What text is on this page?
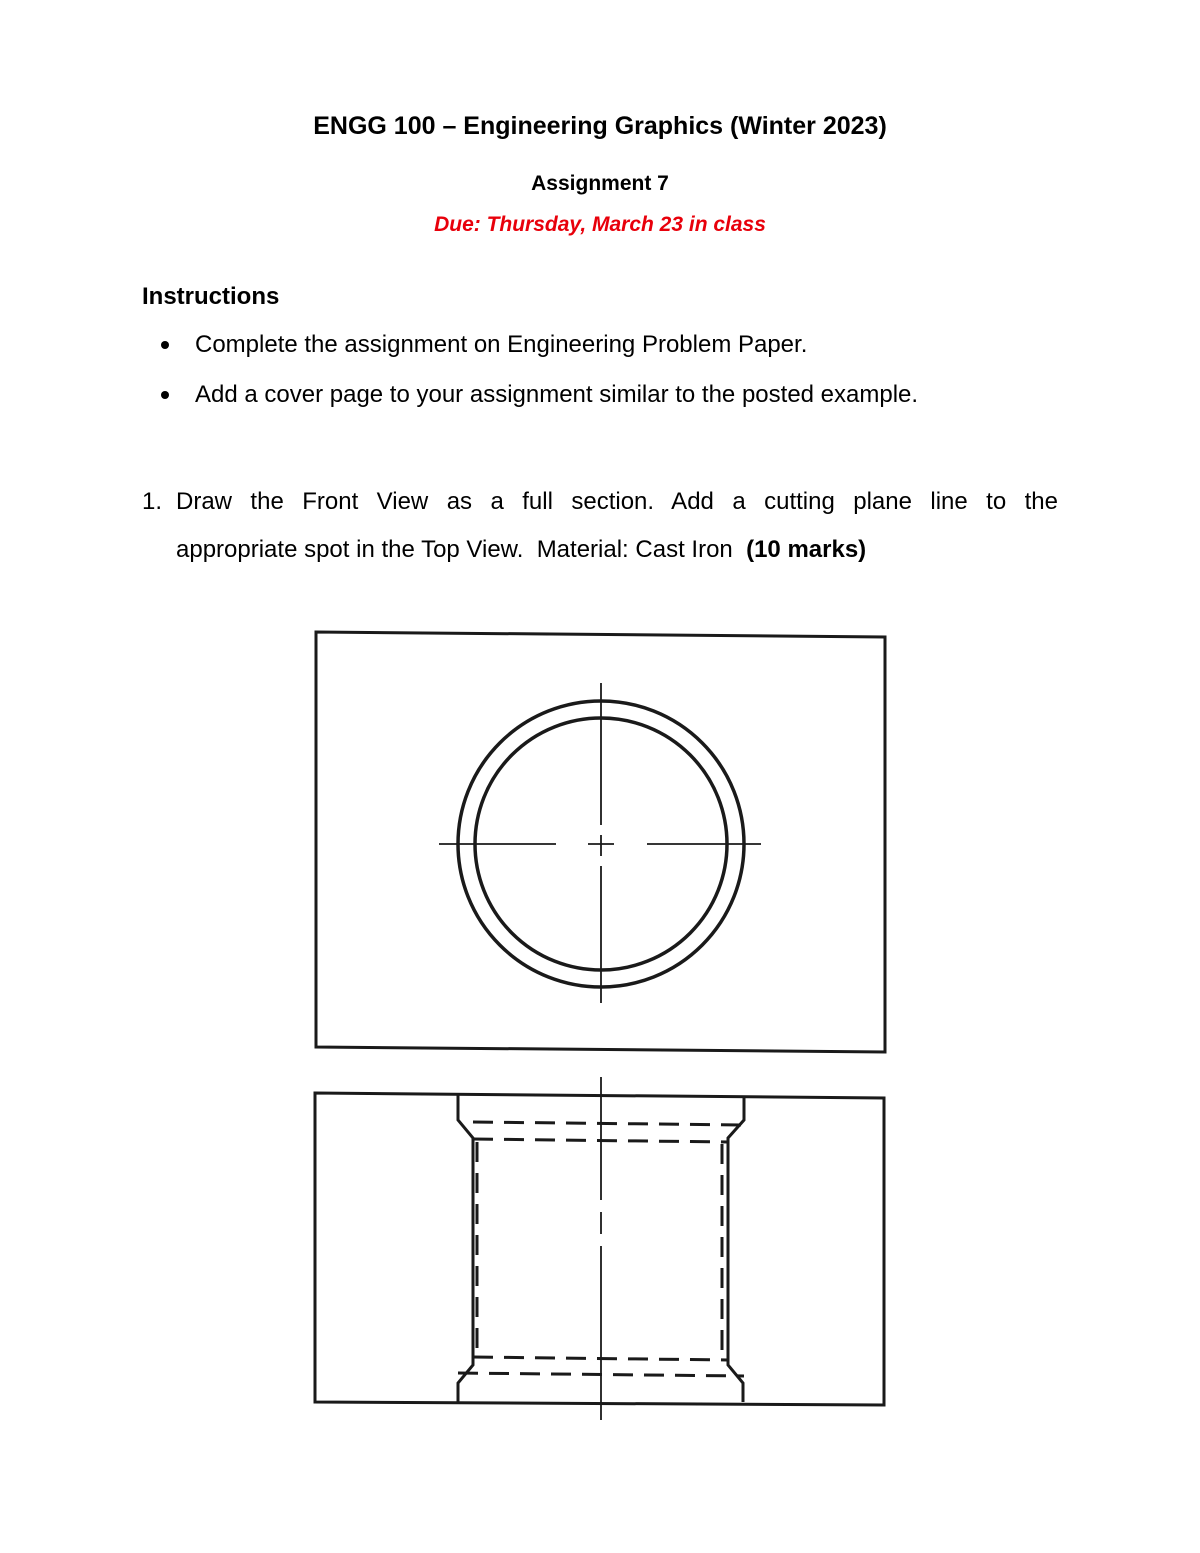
ENGG 100 – Engineering Graphics (Winter 2023)
Assignment 7
Due: Thursday, March 23 in class
Instructions
Complete the assignment on Engineering Problem Paper.
Add a cover page to your assignment similar to the posted example.
1. Draw the Front View as a full section. Add a cutting plane line to the
appropriate spot in the Top View.  Material: Cast Iron  (10 marks)
